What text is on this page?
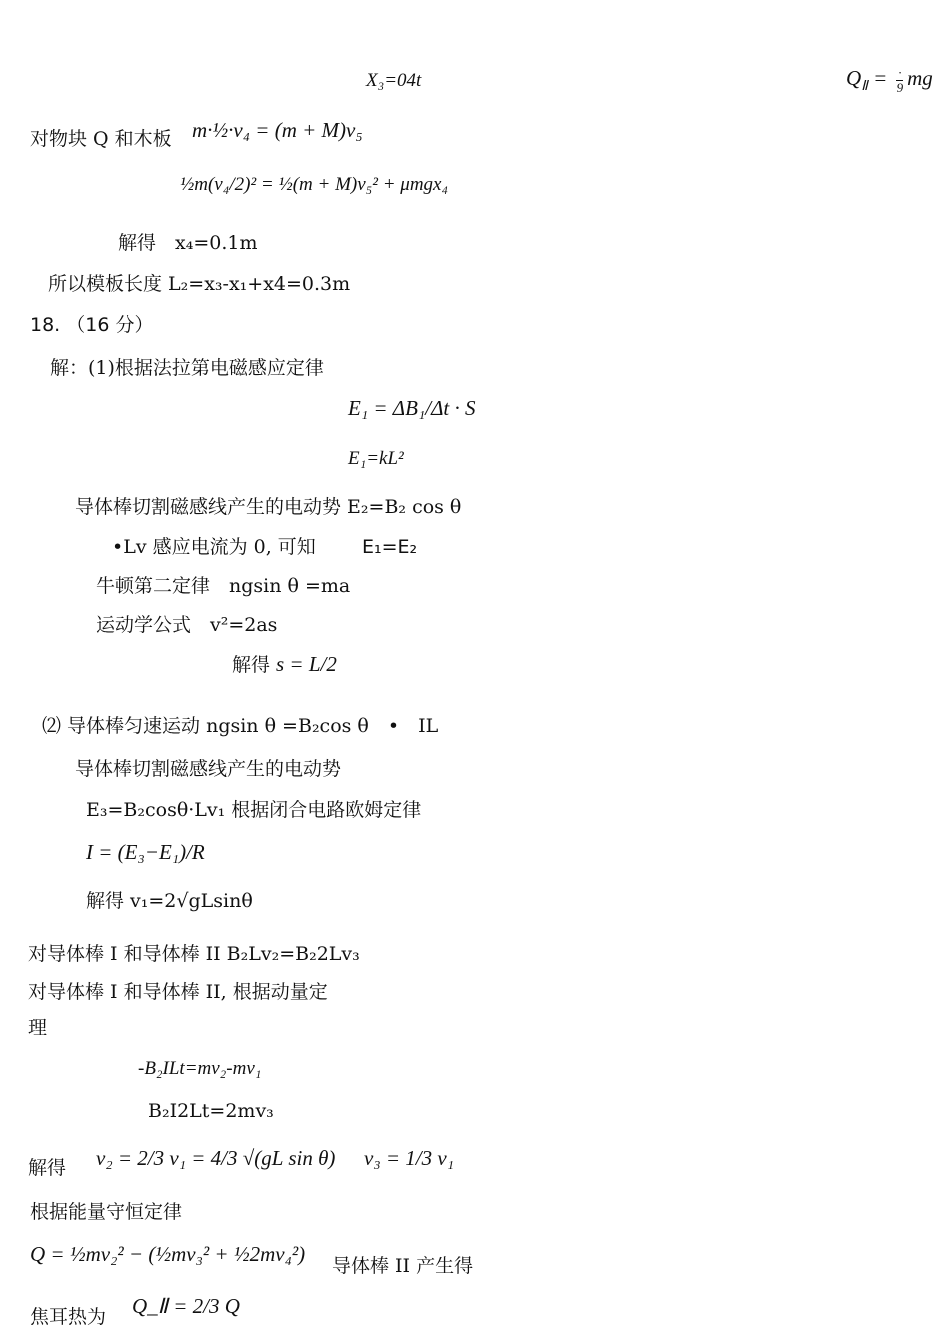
X₃=04t	$Q_Ⅱ = \frac{\cdot}{9}$ mg
对物块 Q 和木板 m·½·v₄ = (m + M)v₅
½m(v₄/2)² = ½(m + M)v₅² + μmgx₄
解得　x₄=0.1m
所以模板长度 L₂=x₃-x₁+x4=0.3m
18. （16 分）
解：(1)根据法拉第电磁感应定律
E₁ = ΔB₁/Δt · S
E₁=kL²
导体棒切割磁感线产生的电动势 E₂=B₂ cos θ
•Lv 感应电流为 0, 可知 E₁=E₂
牛顿第二定律　ngsin θ =ma
运动学公式　v²=2as
解得 s = L/2
⑵ 导体棒匀速运动 ngsin θ =B₂cos θ　•　IL
导体棒切割磁感线产生的电动势
E₃=B₂cosθ·Lv₁ 根据闭合电路欧姆定律
I = (E₃−E₁)/R
解得 v₁=2√gLsinθ
对导体棒 I 和导体棒 II B₂Lv₂=B₂2Lv₃
对导体棒 I 和导体棒 II, 根据动量定
理
-B₂ILt=mv₂-mv₁
B₂I2Lt=2mv₃
解得 v₂ = 2/3 v₁ = 4/3 √(gL sin θ) v₃ = 1/3 v₁
根据能量守恒定律
Q = ½mv₂² − (½mv₃² + ½2mv₄²) 导体棒 II 产生得
焦耳热为 Q_Ⅱ = 2/3 Q
